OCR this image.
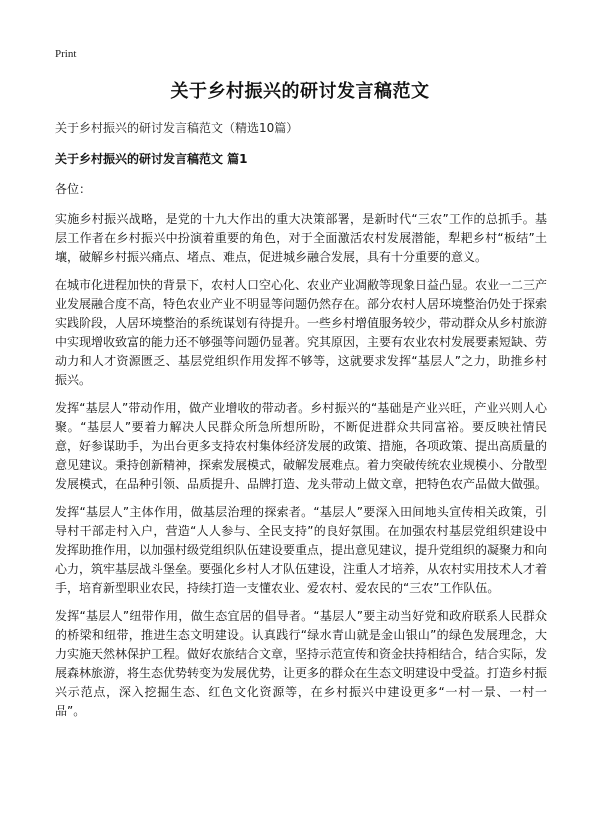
Print
关于乡村振兴的研讨发言稿范文

关于乡村振兴的研讨发言稿范文（精选10篇）

关于乡村振兴的研讨发言稿范文 篇1

各位：

实施乡村振兴战略，是党的十九大作出的重大决策部署，是新时代“三农”工作的总抓手。基层工作者在乡村振兴中扮演着重要的角色，对于全面激活农村发展潜能，犁耙乡村“板结”土壤，破解乡村振兴痛点、堵点、难点，促进城乡融合发展，具有十分重要的意义。

在城市化进程加快的背景下，农村人口空心化、农业产业凋敝等现象日益凸显。农业一二三产业发展融合度不高，特色农业产业不明显等问题仍然存在。部分农村人居环境整治仍处于探索实践阶段，人居环境整治的系统谋划有待提升。一些乡村增值服务较少，带动群众从乡村旅游中实现增收致富的能力还不够强等问题仍显著。究其原因，主要有农业农村发展要素短缺、劳动力和人才资源匮乏、基层党组织作用发挥不够等，这就要求发挥“基层人”之力，助推乡村振兴。

发挥“基层人”带动作用，做产业增收的带动者。乡村振兴的“基础是产业兴旺，产业兴则人心聚。“基层人”要着力解决人民群众所急所想所盼，不断促进群众共同富裕。要反映社情民意，好参谋助手，为出台更多支持农村集体经济发展的政策、措施，各项政策、提出高质量的意见建议。秉持创新精神，探索发展模式，破解发展难点。着力突破传统农业规模小、分散型发展模式，在品种引领、品质提升、品牌打造、龙头带动上做文章，把特色农产品做大做强。

发挥“基层人”主体作用，做基层治理的探索者。“基层人”要深入田间地头宣传相关政策，引导村干部走村入户，营造“人人参与、全民支持”的良好氛围。在加强农村基层党组织建设中发挥助推作用，以加强村级党组织队伍建设要重点，提出意见建议，提升党组织的凝聚力和向心力，筑牢基层战斗堡垒。要强化乡村人才队伍建设，注重人才培养，从农村实用技术人才着手，培育新型职业农民，持续打造一支懂农业、爱农村、爱农民的“三农”工作队伍。

发挥“基层人”纽带作用，做生态宜居的倡导者。“基层人”要主动当好党和政府联系人民群众的桥梁和纽带，推进生态文明建设。认真践行“绿水青山就是金山银山”的绿色发展理念，大力实施天然林保护工程。做好农旅结合文章，坚持示范宣传和资金扶持相结合，结合实际，发展森林旅游，将生态优势转变为发展优势，让更多的群众在生态文明建设中受益。打造乡村振兴示范点，深入挖掘生态、红色文化资源等，在乡村振兴中建设更多“一村一景、一村一品”。
